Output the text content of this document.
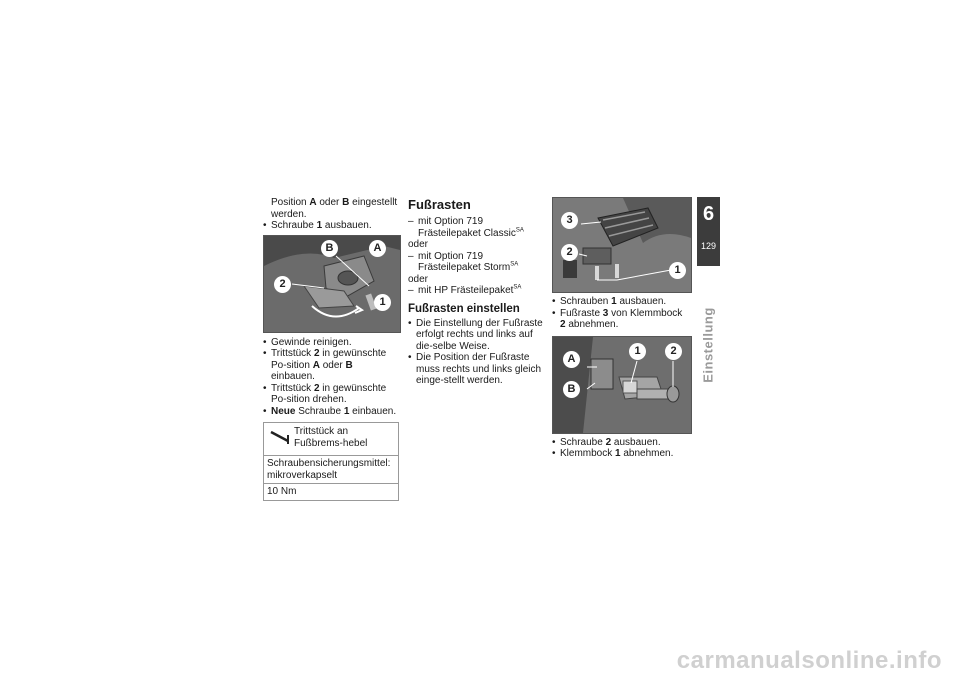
Position A oder B eingestellt werden.

• Schraube 1 ausbauen.

B	A
2
1

• Gewinde reinigen.

• Trittstück 2 in gewünschte Po-sition A oder B einbauen.

• Trittstück 2 in gewünschte Po-sition drehen.

• Neue Schraube 1 einbauen.

Trittstück an Fußbrems-hebel
Schraubensicherungsmittel: mikroverkapselt
10 Nm
Fußrasten

– mit Option 719 Frästeilepaket Classic$^{SA}$

oder

– mit Option 719 Frästeilepaket Storm$^{SA}$

oder

– mit HP Frästeilepaket$^{SA}$

Fußrasten einstellen

• Die Einstellung der Fußraste erfolgt rechts und links auf die-selbe Weise.

• Die Position der Fußraste muss rechts und links gleich einge-stellt werden.

3
2
1

• Schrauben 1 ausbauen.

• Fußraste 3 von Klemmbock 2 abnehmen.

1	2
A
B

• Schraube 2 ausbauen.

• Klemmbock 1 abnehmen.

6
129
Einstellung
carmanualsonline.info
